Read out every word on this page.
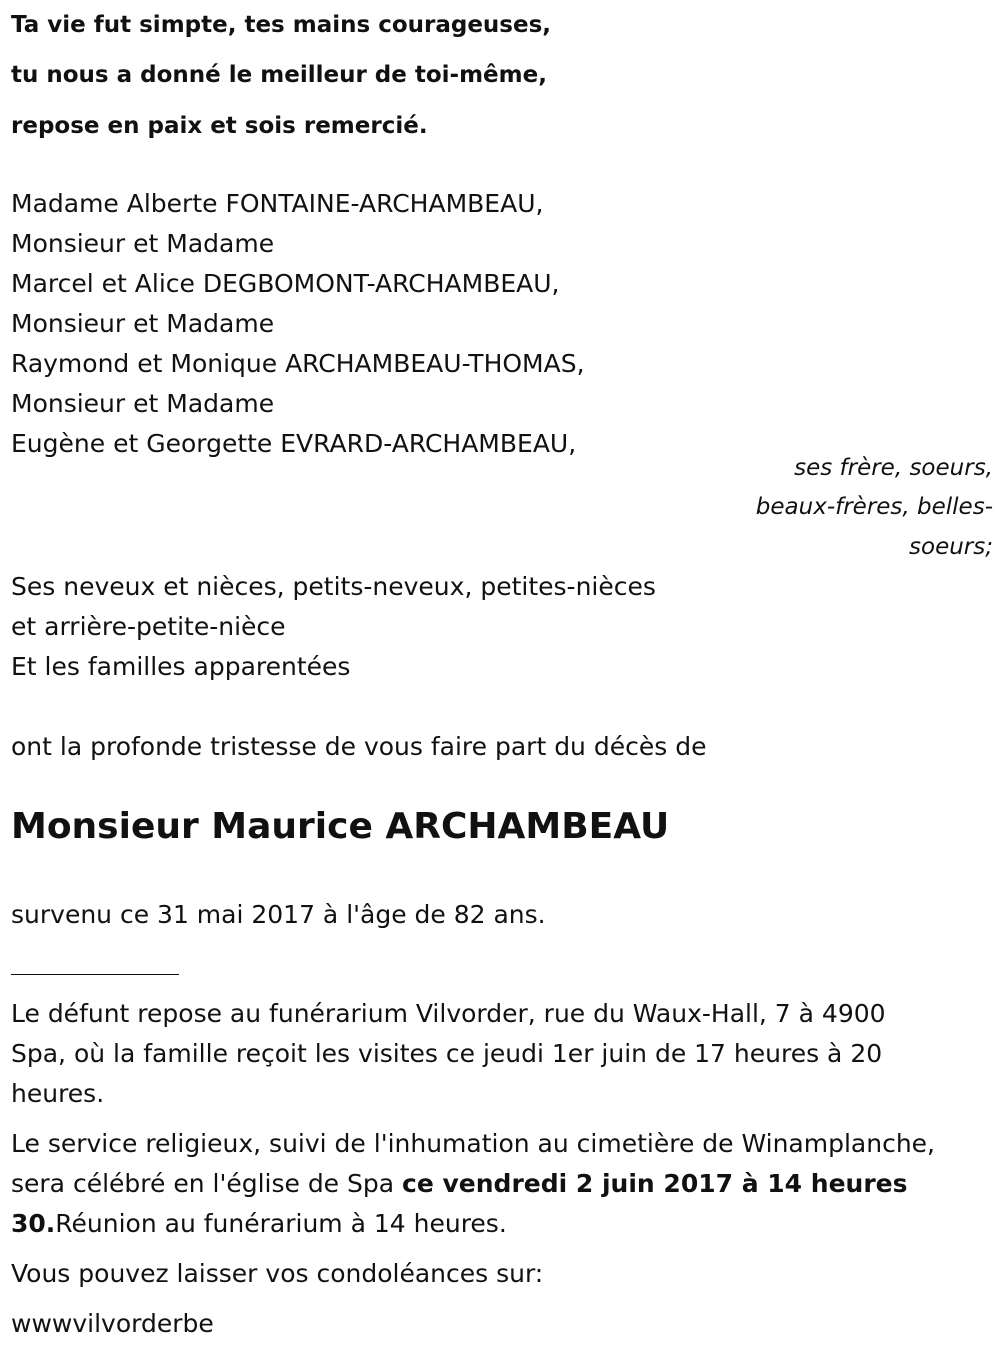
Ta vie fut simpte, tes mains courageuses,
tu nous a donné le meilleur de toi-même,
repose en paix et sois remercié.
Madame Alberte FONTAINE-ARCHAMBEAU,
Monsieur et Madame
Marcel et Alice DEGBOMONT-ARCHAMBEAU,
Monsieur et Madame
Raymond et Monique ARCHAMBEAU-THOMAS,
Monsieur et Madame
Eugène et Georgette EVRARD-ARCHAMBEAU,
ses frère, soeurs,
beaux-frères, belles-
soeurs;
Ses neveux et nièces, petits-neveux, petites-nièces
et arrière-petite-nièce
Et les familles apparentées
ont la profonde tristesse de vous faire part du décès de
Monsieur Maurice ARCHAMBEAU
survenu ce 31 mai 2017 à l'âge de 82 ans.
Le défunt repose au funérarium Vilvorder, rue du Waux-Hall, 7 à 4900
Spa, où la famille reçoit les visites ce jeudi 1er juin de 17 heures à 20
heures.
Le service religieux, suivi de l'inhumation au cimetière de Winamplanche,
sera célébré en l'église de Spa ce vendredi 2 juin 2017 à 14 heures
30.Réunion au funérarium à 14 heures.
Vous pouvez laisser vos condoléances sur:
wwwvilvorderbe
